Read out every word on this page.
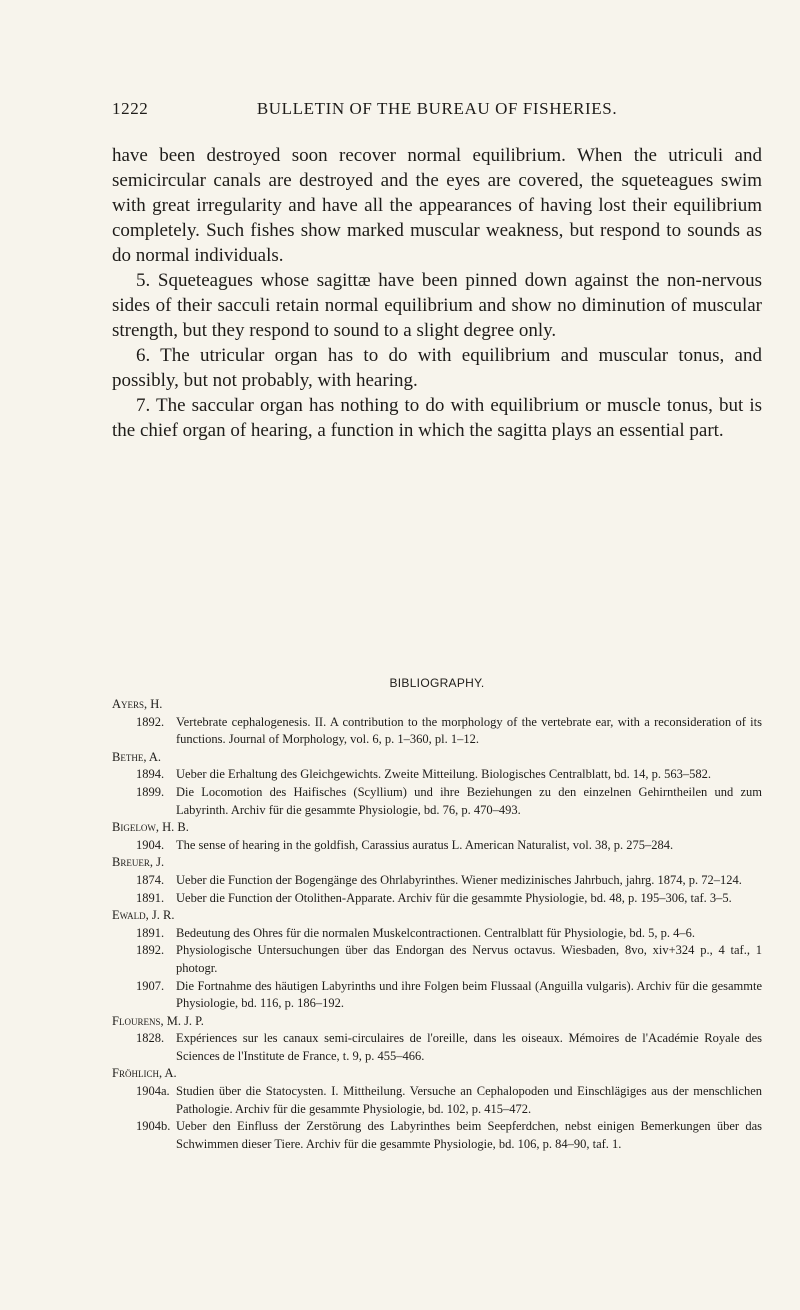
1222	BULLETIN OF THE BUREAU OF FISHERIES.

have been destroyed soon recover normal equilibrium. When the utriculi and semicircular canals are destroyed and the eyes are covered, the squeteagues swim with great irregularity and have all the appearances of having lost their equilibrium completely. Such fishes show marked muscular weakness, but respond to sounds as do normal individuals.

5. Squeteagues whose sagittæ have been pinned down against the non-nervous sides of their sacculi retain normal equilibrium and show no diminution of muscular strength, but they respond to sound to a slight degree only.

6. The utricular organ has to do with equilibrium and muscular tonus, and possibly, but not probably, with hearing.

7. The saccular organ has nothing to do with equilibrium or muscle tonus, but is the chief organ of hearing, a function in which the sagitta plays an essential part.

BIBLIOGRAPHY.
Ayers, H.
1892. Vertebrate cephalogenesis. II. A contribution to the morphology of the vertebrate ear, with a reconsideration of its functions. Journal of Morphology, vol. 6, p. 1–360, pl. 1–12.
Bethe, A.
1894. Ueber die Erhaltung des Gleichgewichts. Zweite Mitteilung. Biologisches Centralblatt, bd. 14, p. 563–582.
1899. Die Locomotion des Haifisches (Scyllium) und ihre Beziehungen zu den einzelnen Gehirntheilen und zum Labyrinth. Archiv für die gesammte Physiologie, bd. 76, p. 470–493.
Bigelow, H. B.
1904. The sense of hearing in the goldfish, Carassius auratus L. American Naturalist, vol. 38, p. 275–284.
Breuer, J.
1874. Ueber die Function der Bogengänge des Ohrlabyrinthes. Wiener medizinisches Jahrbuch, jahrg. 1874, p. 72–124.
1891. Ueber die Function der Otolithen-Apparate. Archiv für die gesammte Physiologie, bd. 48, p. 195–306, taf. 3–5.
Ewald, J. R.
1891. Bedeutung des Ohres für die normalen Muskelcontractionen. Centralblatt für Physiologie, bd. 5, p. 4–6.
1892. Physiologische Untersuchungen über das Endorgan des Nervus octavus. Wiesbaden, 8vo, xiv+324 p., 4 taf., 1 photogr.
1907. Die Fortnahme des häutigen Labyrinths und ihre Folgen beim Flussaal (Anguilla vulgaris). Archiv für die gesammte Physiologie, bd. 116, p. 186–192.
Flourens, M. J. P.
1828. Expériences sur les canaux semi-circulaires de l'oreille, dans les oiseaux. Mémoires de l'Académie Royale des Sciences de l'Institute de France, t. 9, p. 455–466.
Fröhlich, A.
1904a. Studien über die Statocysten. I. Mittheilung. Versuche an Cephalopoden und Einschlägiges aus der menschlichen Pathologie. Archiv für die gesammte Physiologie, bd. 102, p. 415–472.
1904b. Ueber den Einfluss der Zerstörung des Labyrinthes beim Seepferdchen, nebst einigen Bemerkungen über das Schwimmen dieser Tiere. Archiv für die gesammte Physiologie, bd. 106, p. 84–90, taf. 1.
